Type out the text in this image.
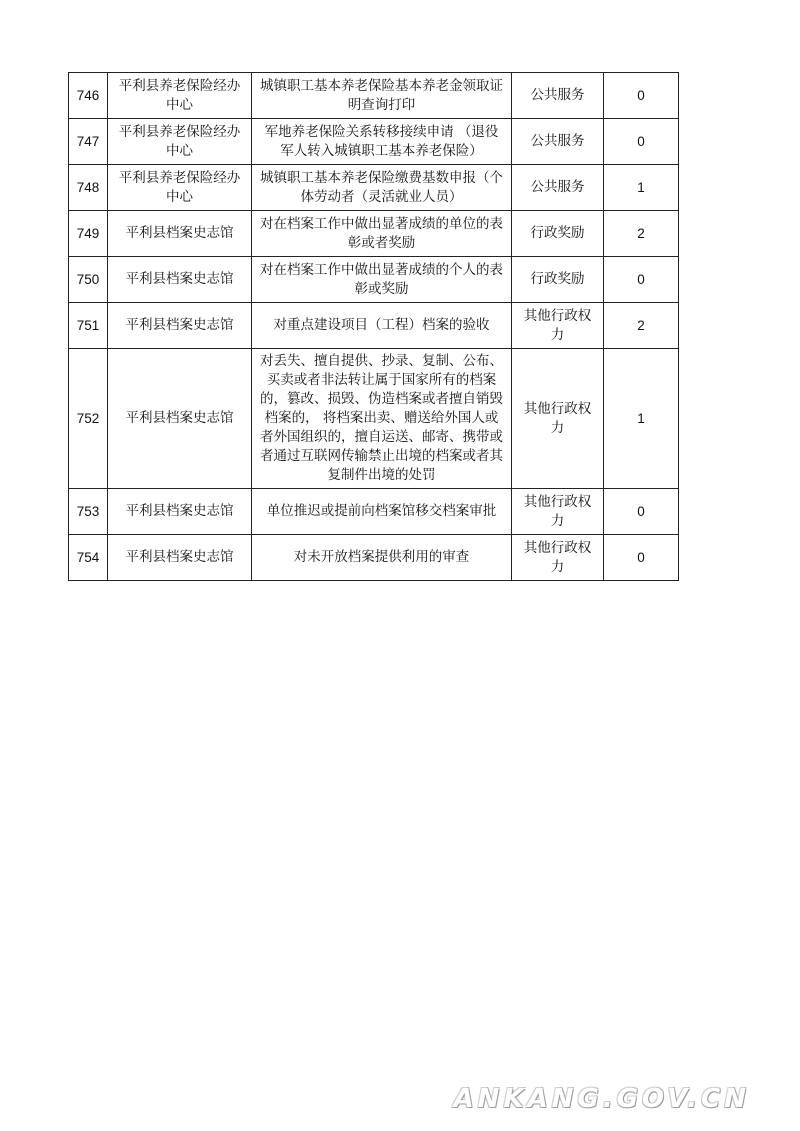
746	平利县养老保险经办中心	城镇职工基本养老保险基本养老金领取证明查询打印	公共服务	0
747	平利县养老保险经办中心	军地养老保险关系转移接续申请 （退役军人转入城镇职工基本养老保险）	公共服务	0
748	平利县养老保险经办中心	城镇职工基本养老保险缴费基数申报（个体劳动者（灵活就业人员）	公共服务	1
749	平利县档案史志馆	对在档案工作中做出显著成绩的单位的表彰或者奖励	行政奖励	2
750	平利县档案史志馆	对在档案工作中做出显著成绩的个人的表彰或奖励	行政奖励	0
751	平利县档案史志馆	对重点建设项目（工程）档案的验收	其他行政权力	2
752	平利县档案史志馆	对丢失、擅自提供、抄录、复制、公布、 买卖或者非法转让属于国家所有的档案的，篡改、损毁、伪造档案或者擅自销毁档案的， 将档案出卖、赠送给外国人或者外国组织的，擅自运送、邮寄、携带或者通过互联网传输禁止出境的档案或者其复制件出境的处罚	其他行政权力	1
753	平利县档案史志馆	单位推迟或提前向档案馆移交档案审批	其他行政权力	0
754	平利县档案史志馆	对未开放档案提供利用的审查	其他行政权力	0
ANKANG.GOV.CN
